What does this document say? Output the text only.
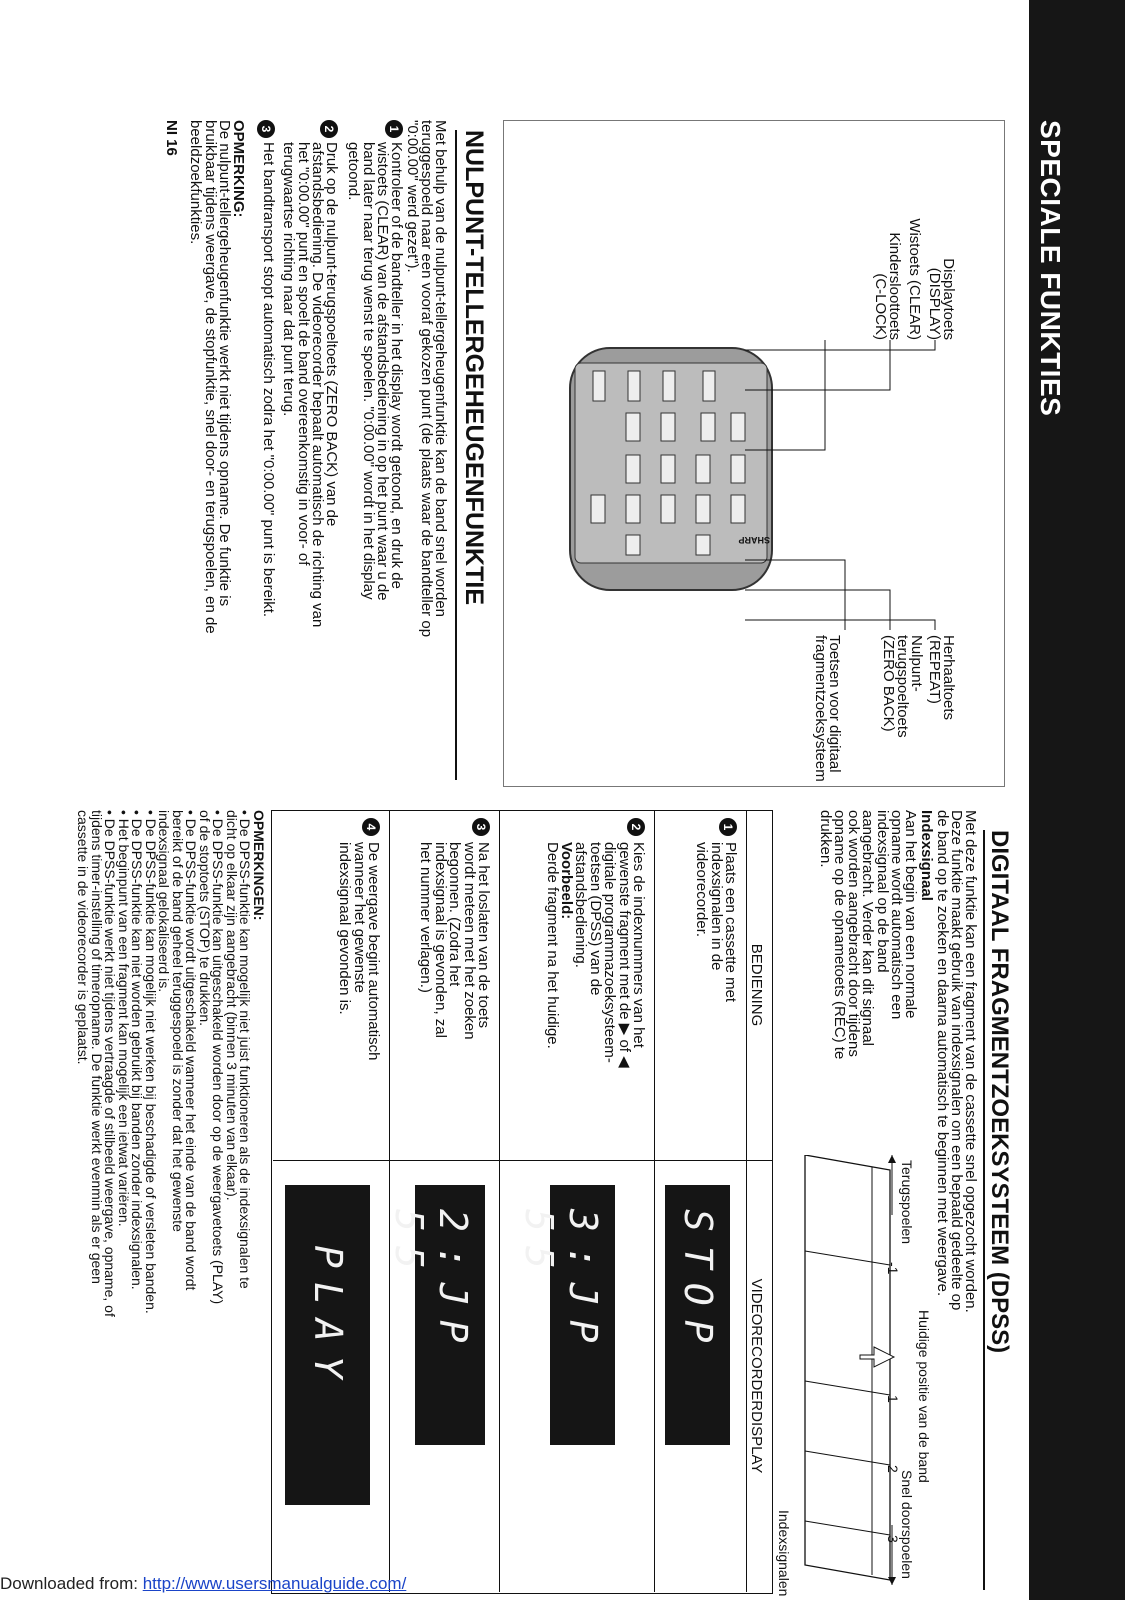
SPECIALE FUNKTIES
SHARP
Displaytoets
(DISPLAY)
Wistoets (CLEAR)
Kindersloottoets
(C-LOCK)
Herhaaltoets
(REPEAT)
Nulpunt-
terugspoeltoets
(ZERO BACK)
Toetsen voor digitaal
fragmentzoeksysteem
NULPUNT-TELLERGEHEUGENFUNKTIE
Met behulp van de nulpunt-tellergeheugenfunktie kan de band snel worden
teruggespoeld naar een vooraf gekozen punt (de plaats waar de bandteller op
"0:00.00" werd gezet").
1
Kontroleer of de bandteller in het display wordt getoond, en druk de
wistoets (CLEAR) van de afstandsbediening in op het punt waar u de
band later naar terug wenst te spoelen. "0:00.00" wordt in het display
getoond.
2
Druk op de nulpunt-terugspoeltoets (ZERO BACK) van de
afstandsbediening. De videorecorder bepaalt automatisch de richting van
het "0:00.00" punt en spoelt de band overeenkomstig in voor- of
terugwaartse richting naar dat punt terug.
3
Het bandtransport stopt automatisch zodra het "0:00.00" punt is bereikt.
OPMERKING:
De nulpunt-tellergeheugenfunktie werkt niet tijdens opname. De funktie is
bruikbaar tijdens weergave, de stopfunktie, snel door- en terugspoelen, en de
beeldzoekfunkties.
NI 16
DIGITAAL FRAGMENTZOEKSYSTEEM (DPSS)
Met deze funktie kan een fragment van de cassette snel opgezocht worden.
Deze funktie maakt gebruik van indexsignalen om een bepaald gedeelte op
de band op te zoeken en daarna automatisch te beginnen met weergave.
Indexsignaal
Aan het begin van een normale
opname wordt automatisch een
indexsignaal op de band
aangebracht. Verder kan dit signaal
ook worden aangebracht door tijdens
opname op de opnametoets (REC) te
drukken.
Huidige positie van de band
Terugspoelen
Snel doorspoelen
-1
1
2
3
Indexsignalen
BEDIENING
VIDEORECORDERDISPLAY
1
Plaats een cassette met
indexsignalen in de
videorecorder.
STOP
2
Kies de indexnummers van het
gewenste fragment met de ▶ of ◀
digitale programmazoeksysteem-
toetsen (DPSS) van de
afstandsbediening.
Voorbeeld:
Derde fragment na het huidige.
3:JP 55
3
Na het loslaten van de toets
wordt meteen met het zoeken
begonnen. (Zodra het
indexsignaal is gevonden, zal
het nummer verlagen.)
2:JP 55
4
De weergave begint automatisch
wanneer het gewenste
indexsignaal gevonden is.
PLAY
OPMERKINGEN:
• De DPSS-funktie kan mogelijk niet juist funktioneren als de indexsignalen te
dicht op elkaar zijn aangebracht (binnen 3 minuten van elkaar).
• De DPSS-funktie kan uitgeschakeld worden door op de weergavetoets (PLAY)
of de stoptoets (STOP) te drukken.
• De DPSS-funktie wordt uitgeschakeld wanneer het einde van de band wordt
bereikt of de band geheel teruggespoeld is zonder dat het gewenste
indexsignaal gelokaliseerd is.
• De DPSS-funktie kan mogelijk niet werken bij beschadigde of versleten banden.
• De DPSS-funktie kan niet worden gebruikt bij banden zonder indexsignalen.
• Het beginpunt van een fragment kan mogelijk een ietwat variëren.
• De DPSS-funktie werkt niet tijdens vertraagde of stilbeeld weergave, opname, of
tijdens timer-instelling of timeropname. De funktie werkt evenmin als er geen
cassette in de videorecorder is geplaatst.
Downloaded from: http://www.usersmanualguide.com/
